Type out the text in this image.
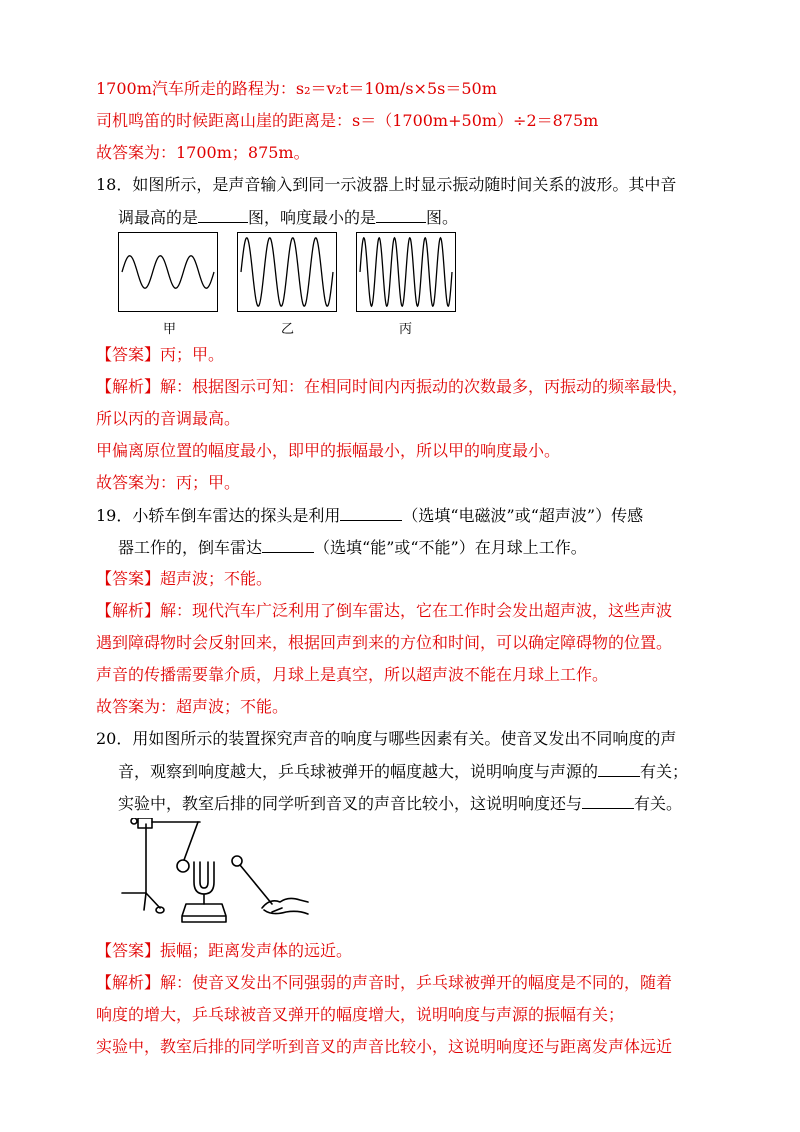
1700m汽车所走的路程为：s₂＝v₂t＝10m/s×5s＝50m
司机鸣笛的时候距离山崖的距离是：s＝（1700m+50m）÷2＝875m
故答案为：1700m；875m。
18．如图所示，是声音输入到同一示波器上时显示振动随时间关系的波形。其中音
调最高的是	图，响度最小的是	图。
甲	乙	丙
【答案】丙；甲。
【解析】解：根据图示可知：在相同时间内丙振动的次数最多，丙振动的频率最快，
所以丙的音调最高。
甲偏离原位置的幅度最小，即甲的振幅最小，所以甲的响度最小。
故答案为：丙；甲。
19．小轿车倒车雷达的探头是利用	（选填“电磁波”或“超声波”）传感
器工作的，倒车雷达	（选填“能”或“不能”）在月球上工作。
【答案】超声波；不能。
【解析】解：现代汽车广泛利用了倒车雷达，它在工作时会发出超声波，这些声波
遇到障碍物时会反射回来，根据回声到来的方位和时间，可以确定障碍物的位置。
声音的传播需要靠介质，月球上是真空，所以超声波不能在月球上工作。
故答案为：超声波；不能。
20．用如图所示的装置探究声音的响度与哪些因素有关。使音叉发出不同响度的声
音，观察到响度越大，乒乓球被弹开的幅度越大，说明响度与声源的	有关；
实验中，教室后排的同学听到音叉的声音比较小，这说明响度还与	有关。
【答案】振幅；距离发声体的远近。
【解析】解：使音叉发出不同强弱的声音时，乒乓球被弹开的幅度是不同的，随着
响度的增大，乒乓球被音叉弹开的幅度增大，说明响度与声源的振幅有关；
实验中，教室后排的同学听到音叉的声音比较小，这说明响度还与距离发声体远近
